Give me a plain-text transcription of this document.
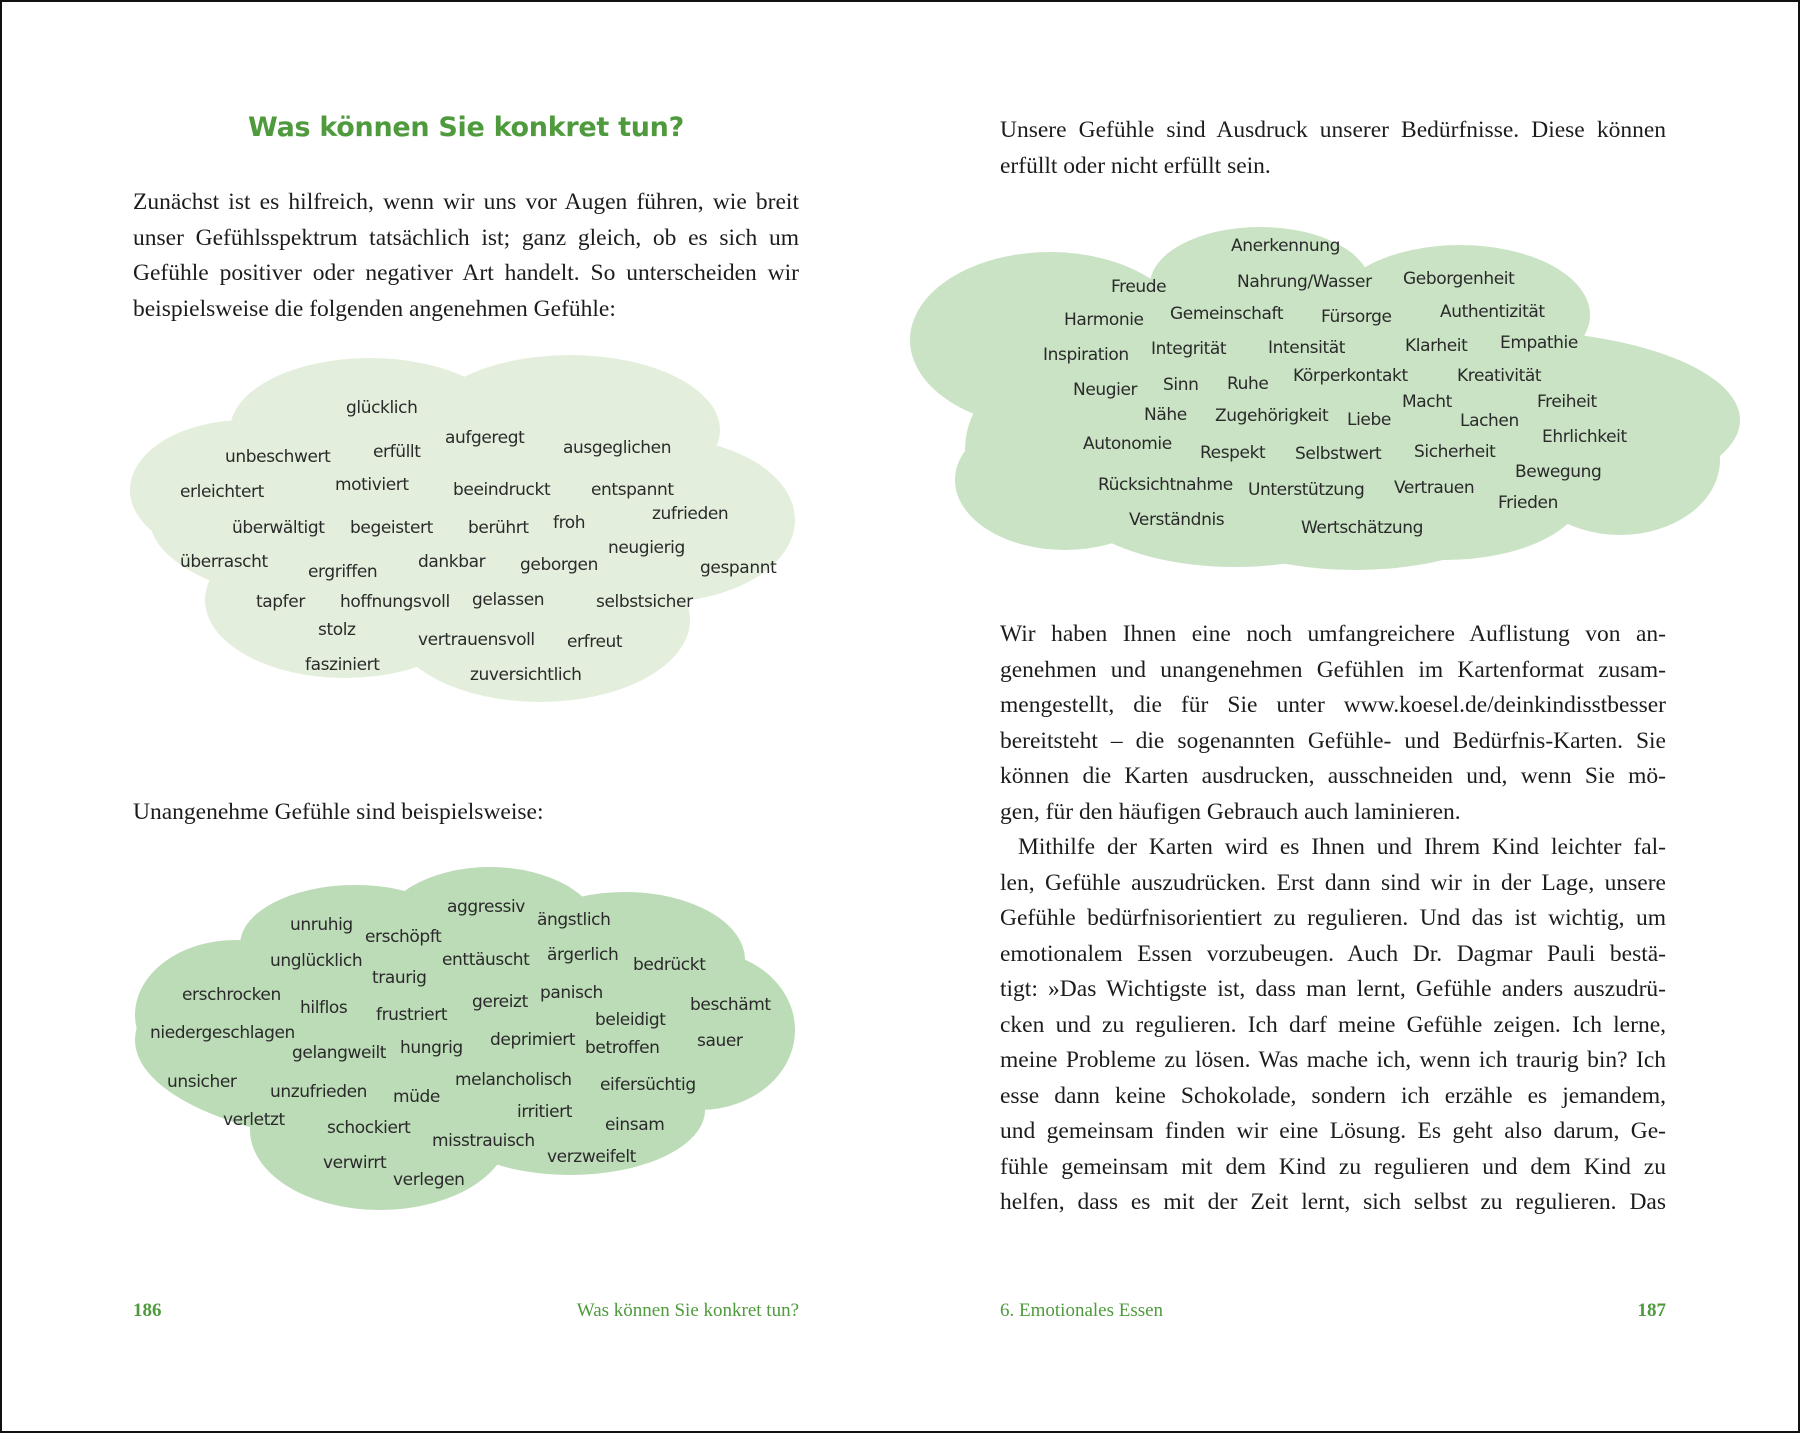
Was können Sie konkret tun?
Zunächst ist es hilfreich, wenn wir uns vor Augen führen, wie breit
unser Gefühlsspektrum tatsächlich ist; ganz gleich, ob es sich um
Gefühle positiver oder negativer Art handelt. So unterscheiden wir
beispielsweise die folgenden angenehmen Gefühle:
glücklich
unbeschwert	erfüllt
aufgeregt ausgeglichen
erleichtert	motiviert	beeindruckt entspannt
zufrieden
überwältigt begeistert berührt froh
neugierig
überrascht ergriffen dankbar geborgen	gespannt
tapfer hoffnungsvoll gelassen	selbstsicher
stolz	vertrauensvoll erfreut
fasziniert	zuversichtlich
Unangenehme Gefühle sind beispielsweise:
aggressiv
unruhig
erschöpft
ängstlich
unglücklich	enttäuscht ärgerlich bedrückt
traurig
erschrocken	panisch
hilflos frustriert
gereizt	beschämt
beleidigt
niedergeschlagen
gelangweilt hungrig deprimiert betroffen sauer
unsicher	melancholisch eifersüchtig
unzufrieden müde
verletzt	irritiert
schockiert	einsam
misstrauisch
verzweifelt
verwirrt
verlegen

186	Was können Sie konkret tun?

Unsere Gefühle sind Ausdruck unserer Bedürfnisse. Diese können
erfüllt oder nicht erfüllt sein.
Anerkennung
Freude	Nahrung/Wasser Geborgenheit
Harmonie Gemeinschaft Fürsorge	Authentizität
Inspiration Integrität Intensität	Klarheit Empathie
Neugier Sinn Ruhe Körperkontakt	Kreativität
Nähe Zugehörigkeit Liebe
Macht
Lachen
Freiheit
Autonomie Respekt Selbstwert Sicherheit
Ehrlichkeit
Bewegung
Rücksichtnahme Unterstützung Vertrauen
Frieden
Verständnis	Wertschätzung
Wir haben Ihnen eine noch umfangreichere Auflistung von an-
genehmen und unangenehmen Gefühlen im Kartenformat zusam-
mengestellt, die für Sie unter www.koesel.de/deinkindisstbesser
bereitsteht – die sogenannten Gefühle- und Bedürfnis-Karten. Sie
können die Karten ausdrucken, ausschneiden und, wenn Sie mö-
gen, für den häufigen Gebrauch auch laminieren.
Mithilfe der Karten wird es Ihnen und Ihrem Kind leichter fal-
len, Gefühle auszudrücken. Erst dann sind wir in der Lage, unsere
Gefühle bedürfnisorientiert zu regulieren. Und das ist wichtig, um
emotionalem Essen vorzubeugen. Auch Dr. Dagmar Pauli bestä-
tigt: »Das Wichtigste ist, dass man lernt, Gefühle anders auszudrü-
cken und zu regulieren. Ich darf meine Gefühle zeigen. Ich lerne,
meine Probleme zu lösen. Was mache ich, wenn ich traurig bin? Ich
esse dann keine Schokolade, sondern ich erzähle es jemandem,
und gemeinsam finden wir eine Lösung. Es geht also darum, Ge-
fühle gemeinsam mit dem Kind zu regulieren und dem Kind zu
helfen, dass es mit der Zeit lernt, sich selbst zu regulieren. Das

6. Emotionales Essen	187
